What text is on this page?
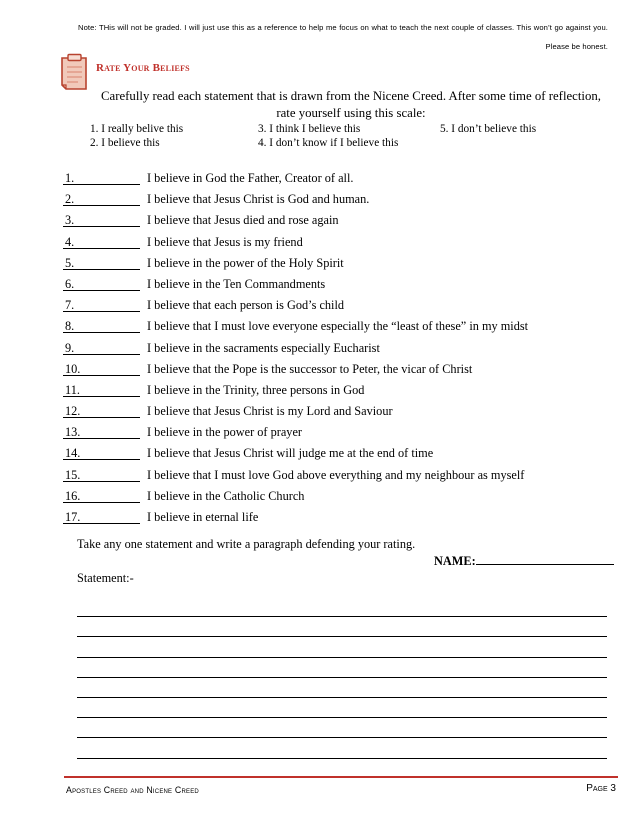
Note: THis will not be graded. I will just use this as a reference to help me focus on what to teach the next couple of classes. This won’t go against you. Please be honest.
Rate Your Beliefs
Carefully read each statement that is drawn from the Nicene Creed. After some time of reflection, rate yourself using this scale:
1. I really belive this
2. I believe this
3. I think I believe this
4. I don’t know if I believe this
5. I don’t believe this
1.	I believe in God the Father, Creator of all.
2.	I believe that Jesus Christ is God and human.
3.	I believe that Jesus died and rose again
4.	I believe that Jesus is my friend
5.	I believe in the power of the Holy Spirit
6.	I believe in the Ten Commandments
7.	I believe that each person is God’s child
8.	I believe that I must love everyone especially the “least of these” in my midst
9.	I believe in the sacraments especially Eucharist
10.	I believe that the Pope is the successor to Peter, the vicar of Christ
11.	I believe in the Trinity, three persons in God
12.	I believe that Jesus Christ is my Lord and Saviour
13.	I believe in the power of prayer
14.	I believe that Jesus Christ will judge me at the end of time
15.	I believe that I must love God above everything and my neighbour as myself
16.	I believe in the Catholic Church
17.	I believe in eternal life
Take any one statement and write a paragraph defending your rating.
NAME:
Statement:-
Apostles Creed and Nicene Creed	Page 3
